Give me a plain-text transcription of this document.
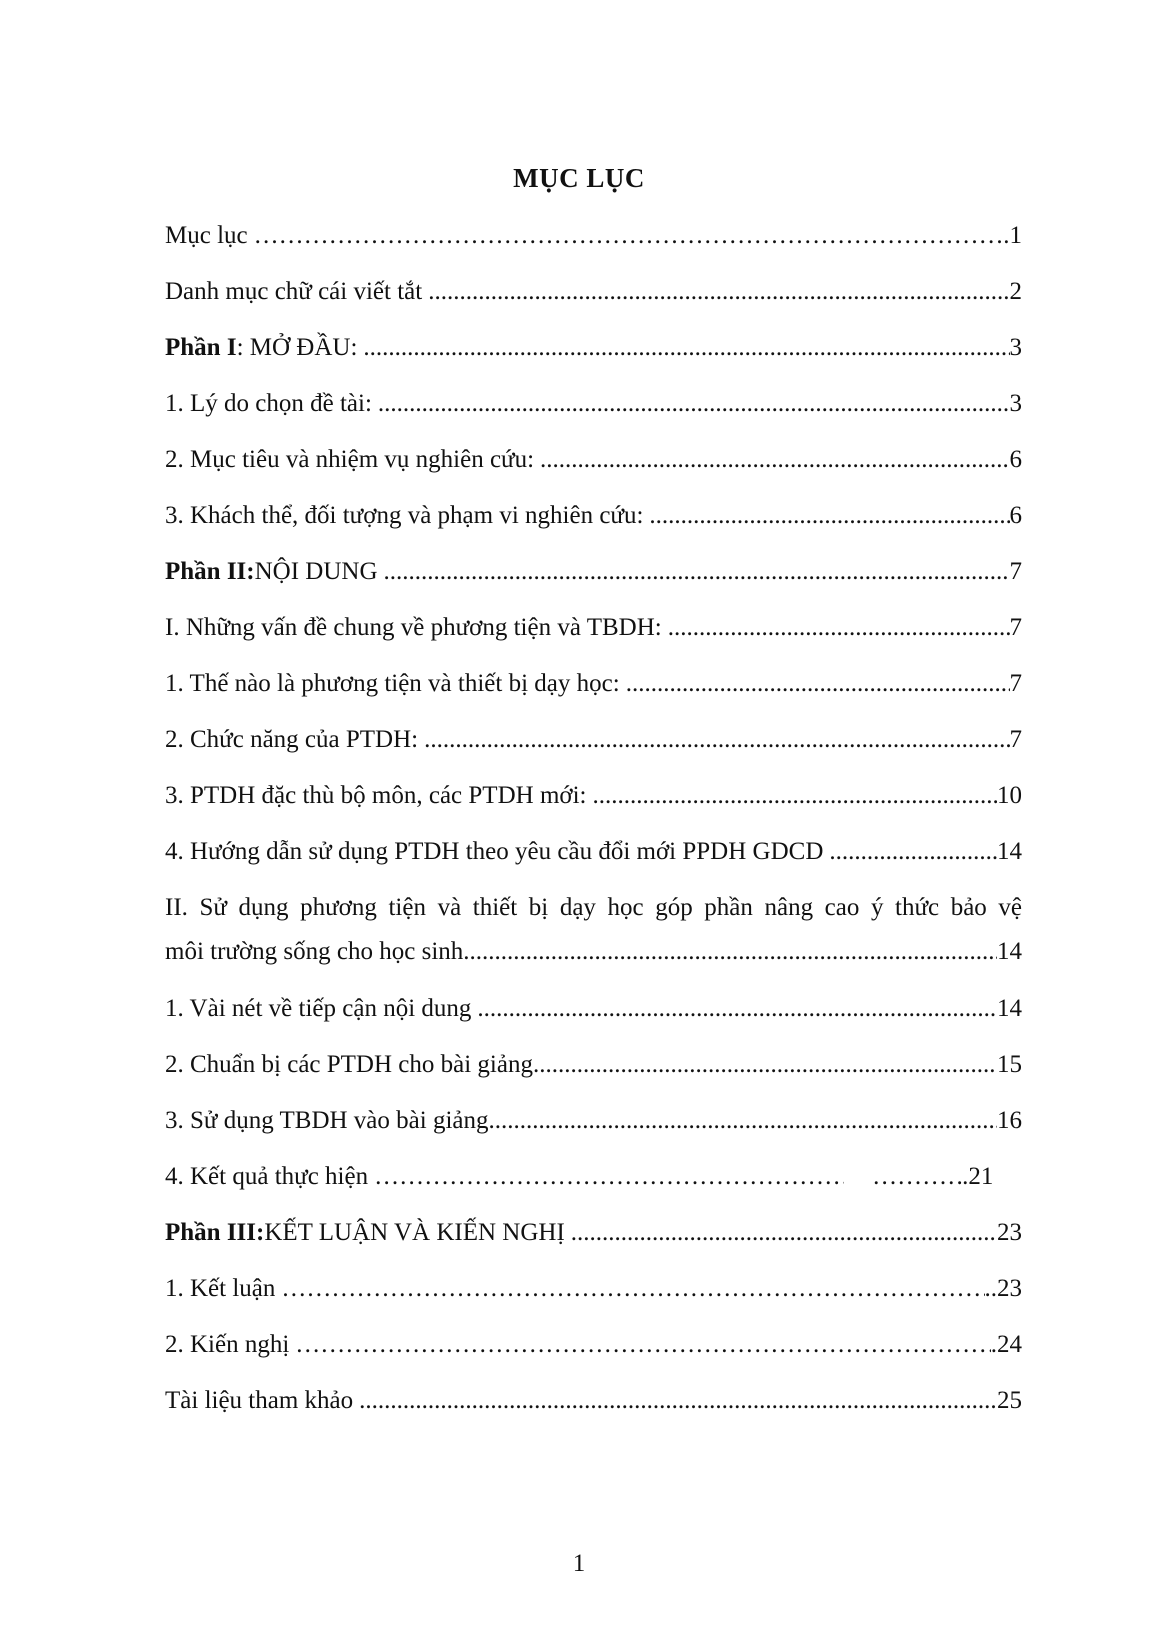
MỤC LỤC
Mục lục ……………………………………………………………………………………………………………………………………	.1
Danh mục chữ cái viết tắt .....	2
Phần I : MỞ ĐẦU: .....	3
1. Lý do chọn đề tài: .....	3
2. Mục tiêu và nhiệm vụ nghiên cứu: .....	6
3. Khách thể, đối tượng và phạm vi nghiên cứu: .....	6
Phần II: NỘI DUNG .....	7
I. Những vấn đề chung về phương tiện và TBDH: .....	7
1. Thế nào là phương tiện và thiết bị dạy học: .....	7
2. Chức năng của PTDH: .....	7
3. PTDH đặc thù bộ môn, các PTDH mới: .....	10
4. Hướng dẫn sử dụng PTDH theo yêu cầu đổi mới PPDH GDCD .....	14
II. Sử dụng phương tiện và thiết bị dạy học góp phần nâng cao ý thức bảo vệ
môi trường sống cho học sinh .....	14
1. Vài nét về tiếp cận nội dung .....	14
2. Chuẩn bị các PTDH cho bài giảng .....	15
3. Sử dụng TBDH vào bài giảng .....	16
4. Kết quả thực hiện …………………………………………………………………………………………………………………………………… ……………………………………………………………………………………………………………………………………	.21
Phần III: KẾT LUẬN VÀ KIẾN NGHỊ .....	23
1. Kết luận ……………………………………………………………………………………………………………………………………	..23
2. Kiến nghị ……………………………………………………………………………………………………………………………………	.24
Tài liệu tham khảo .....	25
1
